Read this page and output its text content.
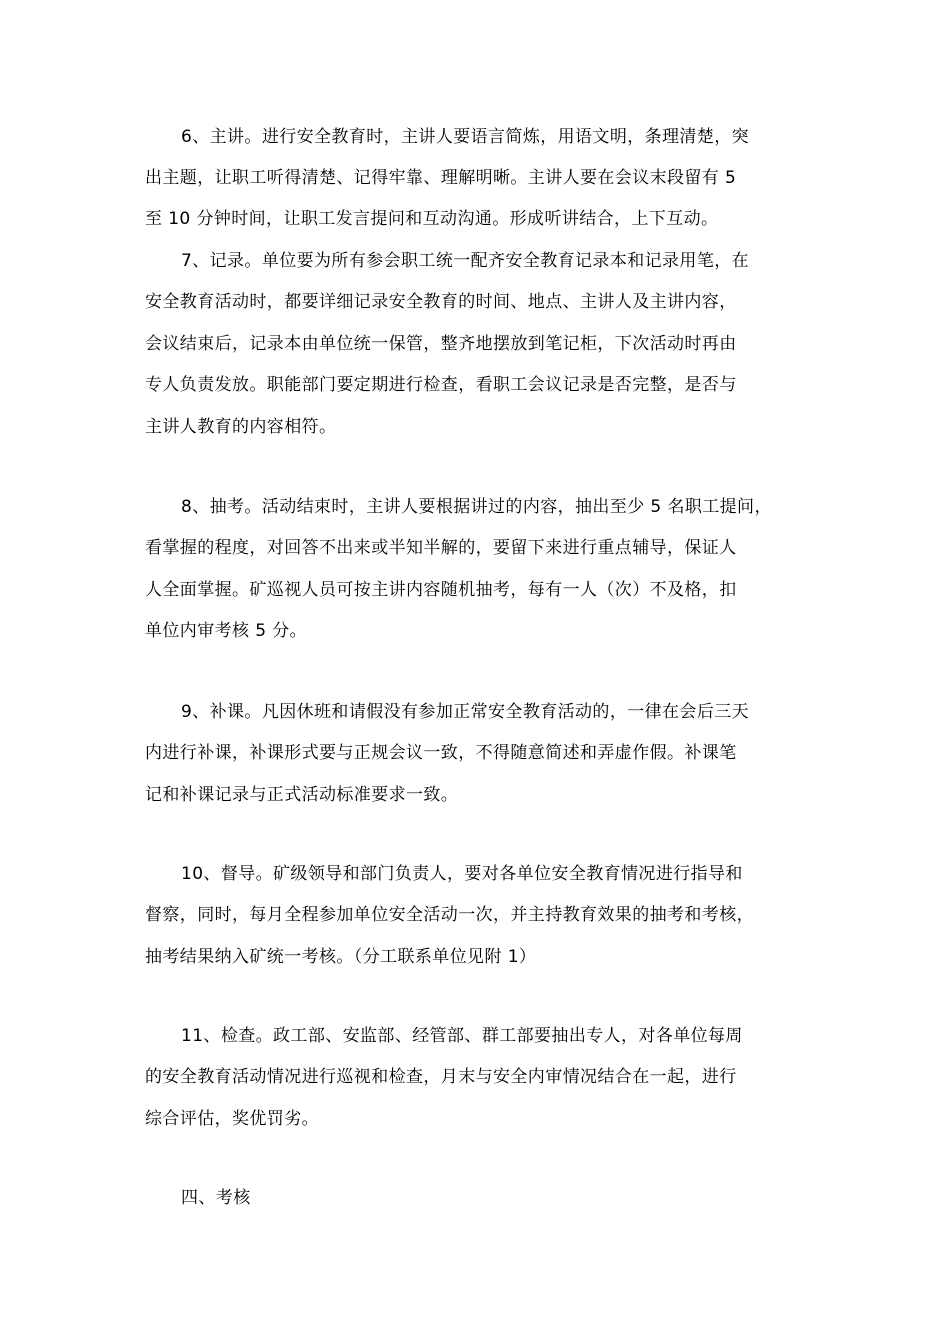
6、主讲。进行安全教育时，主讲人要语言简炼，用语文明，条理清楚，突
出主题，让职工听得清楚、记得牢靠、理解明晰。主讲人要在会议末段留有 5
至 10 分钟时间，让职工发言提问和互动沟通。形成听讲结合，上下互动。
7、记录。单位要为所有参会职工统一配齐安全教育记录本和记录用笔，在
安全教育活动时，都要详细记录安全教育的时间、地点、主讲人及主讲内容，
会议结束后，记录本由单位统一保管，整齐地摆放到笔记柜，下次活动时再由
专人负责发放。职能部门要定期进行检查，看职工会议记录是否完整，是否与
主讲人教育的内容相符。
8、抽考。活动结束时，主讲人要根据讲过的内容，抽出至少 5 名职工提问，
看掌握的程度，对回答不出来或半知半解的，要留下来进行重点辅导，保证人
人全面掌握。矿巡视人员可按主讲内容随机抽考，每有一人（次）不及格，扣
单位内审考核 5 分。
9、补课。凡因休班和请假没有参加正常安全教育活动的，一律在会后三天
内进行补课，补课形式要与正规会议一致，不得随意简述和弄虚作假。补课笔
记和补课记录与正式活动标准要求一致。
10、督导。矿级领导和部门负责人，要对各单位安全教育情况进行指导和
督察，同时，每月全程参加单位安全活动一次，并主持教育效果的抽考和考核，
抽考结果纳入矿统一考核。（分工联系单位见附 1）
11、检查。政工部、安监部、经管部、群工部要抽出专人，对各单位每周
的安全教育活动情况进行巡视和检查，月末与安全内审情况结合在一起，进行
综合评估，奖优罚劣。
四、考核
